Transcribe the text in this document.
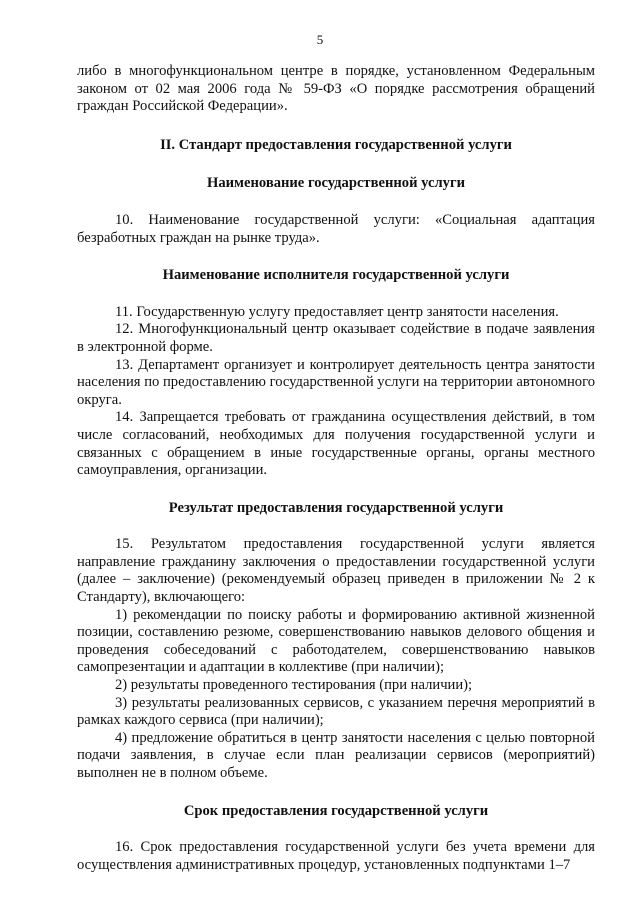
5

либо в многофункциональном центре в порядке, установленном Федеральным законом от 02 мая 2006 года № 59-ФЗ «О порядке рассмотрения обращений граждан Российской Федерации».

II. Стандарт предоставления государственной услуги
Наименование государственной услуги

10. Наименование государственной услуги: «Социальная адаптация безработных граждан на рынке труда».

Наименование исполнителя государственной услуги

11. Государственную услугу предоставляет центр занятости населения.

12. Многофункциональный центр оказывает содействие в подаче заявления в электронной форме.

13. Департамент организует и контролирует деятельность центра занятости населения по предоставлению государственной услуги на территории автономного округа.

14. Запрещается требовать от гражданина осуществления действий, в том числе согласований, необходимых для получения государственной услуги и связанных с обращением в иные государственные органы, органы местного самоуправления, организации.

Результат предоставления государственной услуги

15. Результатом предоставления государственной услуги является направление гражданину заключения о предоставлении государственной услуги (далее – заключение) (рекомендуемый образец приведен в приложении № 2 к Стандарту), включающего:

1) рекомендации по поиску работы и формированию активной жизненной позиции, составлению резюме, совершенствованию навыков делового общения и проведения собеседований с работодателем, совершенствованию навыков самопрезентации и адаптации в коллективе (при наличии);

2) результаты проведенного тестирования (при наличии);

3) результаты реализованных сервисов, с указанием перечня мероприятий в рамках каждого сервиса (при наличии);

4) предложение обратиться в центр занятости населения с целью повторной подачи заявления, в случае если план реализации сервисов (мероприятий) выполнен не в полном объеме.

Срок предоставления государственной услуги

16. Срок предоставления государственной услуги без учета времени для осуществления административных процедур, установленных подпунктами 1–7
